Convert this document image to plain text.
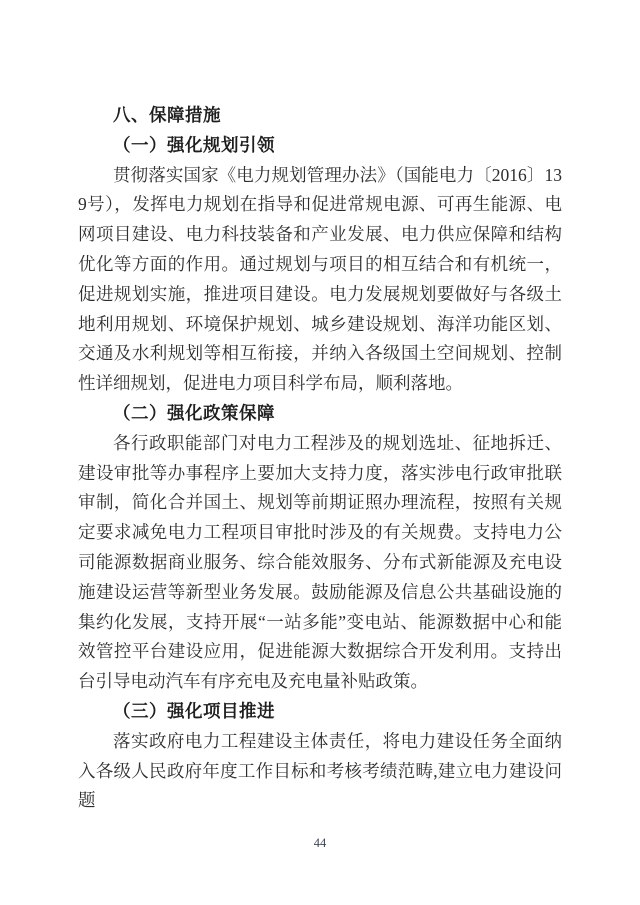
八、保障措施
（一）强化规划引领

贯彻落实国家《电力规划管理办法》（国能电力〔2016〕139号），发挥电力规划在指导和促进常规电源、可再生能源、电网项目建设、电力科技装备和产业发展、电力供应保障和结构优化等方面的作用。通过规划与项目的相互结合和有机统一，促进规划实施，推进项目建设。电力发展规划要做好与各级土地利用规划、环境保护规划、城乡建设规划、海洋功能区划、交通及水利规划等相互衔接，并纳入各级国土空间规划、控制性详细规划，促进电力项目科学布局，顺利落地。

（二）强化政策保障

各行政职能部门对电力工程涉及的规划选址、征地拆迁、建设审批等办事程序上要加大支持力度，落实涉电行政审批联审制，简化合并国土、规划等前期证照办理流程，按照有关规定要求减免电力工程项目审批时涉及的有关规费。支持电力公司能源数据商业服务、综合能效服务、分布式新能源及充电设施建设运营等新型业务发展。鼓励能源及信息公共基础设施的集约化发展，支持开展“一站多能”变电站、能源数据中心和能效管控平台建设应用，促进能源大数据综合开发利用。支持出台引导电动汽车有序充电及充电量补贴政策。

（三）强化项目推进

落实政府电力工程建设主体责任，将电力建设任务全面纳入各级人民政府年度工作目标和考核考绩范畴,建立电力建设问题

44
